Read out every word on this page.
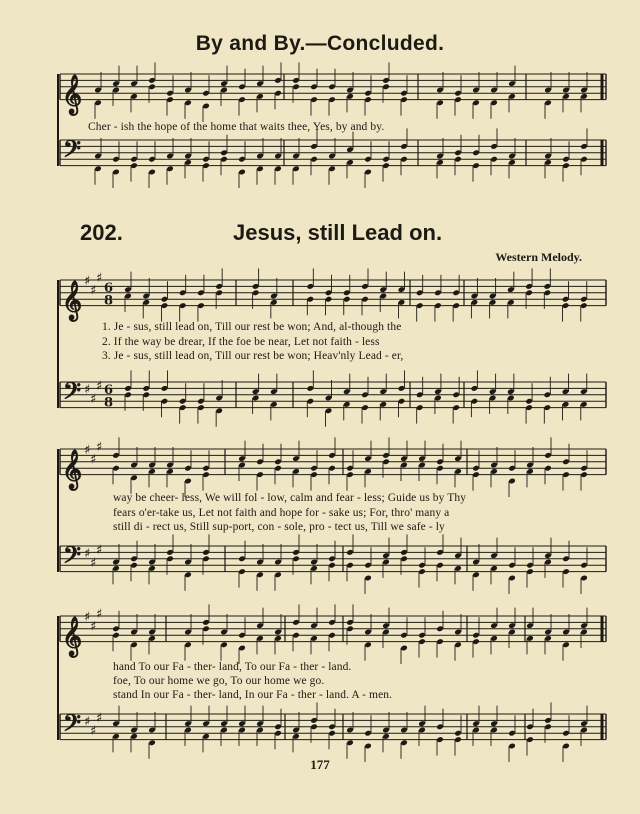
By and By.—Concluded.
𝄞
𝄢
𝄞 ♯
♯
♯
6
8
𝄢 ♯
♯
♯ 6
8
𝄞 ♯
♯
♯
𝄢 ♯
♯
♯
𝄞 ♯
♯
♯
𝄢 ♯
♯
♯
Cher - ish the hope of the home that waits thee, Yes, by and by.
202.	Jesus, still Lead on.
Western Melody.
1. Je - sus, still lead on, Till our rest be won; And, al-though the
2. If the way be drear, If the foe be near, Let not faith - less
3. Je - sus, still lead on, Till our rest be won; Heav'nly Lead - er,
way be cheer- less, We will fol - low, calm and fear - less; Guide us by Thy
fears o'er-take us, Let not faith and hope for - sake us; For, thro' many a
still di - rect us, Still sup-port, con - sole, pro - tect us, Till we safe - ly
hand To our Fa - ther- land, To our Fa - ther - land.
foe, To our home we go, To our home we go.
stand In our Fa - ther- land, In our Fa - ther - land. A - men.
177
